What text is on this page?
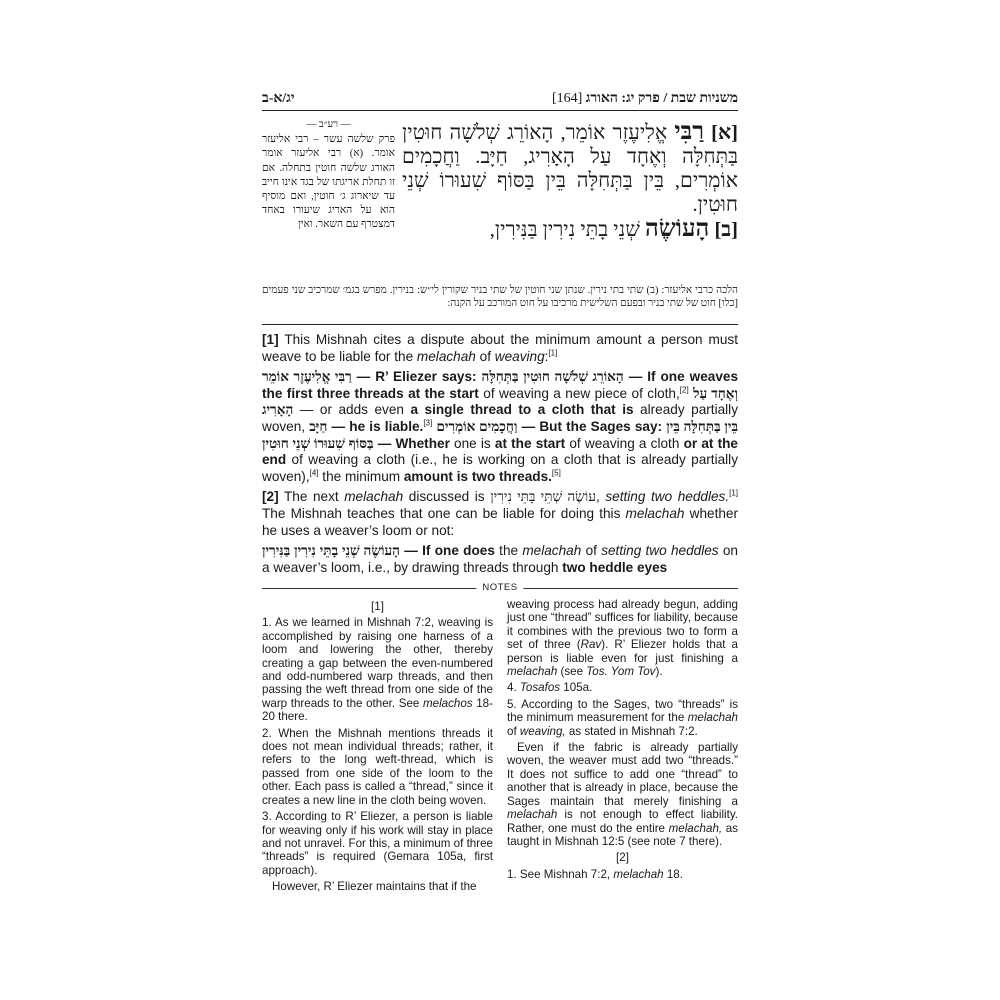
יג/א-ב	משניות שבת / פרק יג: האורג [164]
— רע״ב —
פרק שלשה עשר – רבי אליעזר אומר. (א) רבי אליעזר אומר האורג שלשה חוטין בתחלה. אם זו תחלת אריגתו של בגד אינו חייב עד שיארוג ג׳ חוטין, ואם מוסיף הוא על האריג שיעורו באחד דמצטרף עם השאר. ואין

[א] רַבִּי אֱלִיעֶזֶר אוֹמֵר, הָאוֹרֵג שְׁלֹשָׁה חוּטִין בַּתְּחִלָּה וְאֶחָד עַל הָאָרִיג, חַיָּב. וַחֲכָמִים אוֹמְרִים, בֵּין בַּתְּחִלָּה בֵּין בַּסּוֹף שִׁעוּרוֹ שְׁנֵי חוּטִין.

[ב] הָעוֹשֶׂה שְׁנֵי בָתֵּי נִירִין בַּנִּירִין,

הלכה כרבי אליעזר: (ב) שתי בתי נירין. שנתן שני חוטין של שתי בניר שקורין לי״ש: בנירין. מפרש בגמ׳ שמרכיב שני פעמים [כלו] חוט של שתי בניר ובפעם השלישית מרכיבו על חוט המורכב על הקנה:

[1] This Mishnah cites a dispute about the minimum amount a person must weave to be liable for the melachah of weaving:[1]

רַבִּי אֱלִיעֶזֶר אוֹמֵר — R’ Eliezer says: הָאוֹרֵג שְׁלֹשָׁה חוּטִין בַּתְּחִלָּה — If one weaves the first three threads at the start of weaving a new piece of cloth,[2] וְאֶחָד עַל הָאָרִיג — or adds even a single thread to a cloth that is already partially woven, חַיָּב — he is liable.[3] וַחֲכָמִים אוֹמְרִים — But the Sages say: בֵּין בַּתְּחִלָּה בֵּין בַּסּוֹף שִׁעוּרוֹ שְׁנֵי חוּטִין — Whether one is at the start of weaving a cloth or at the end of weaving a cloth (i.e., he is working on a cloth that is already partially woven),[4] the minimum amount is two threads.[5]

[2] The next melachah discussed is עוֹשֶׂה שְׁתֵּי בָּתֵּי נִירִין, setting two heddles.[1] The Mishnah teaches that one can be liable for doing this melachah whether he uses a weaver’s loom or not:

הָעוֹשֶׂה שְׁנֵי בָתֵּי נִירִין בַּנִּירִין — If one does the melachah of setting two heddles on a weaver’s loom, i.e., by drawing threads through two heddle eyes

NOTES
[1]

1. As we learned in Mishnah 7:2, weaving is accomplished by raising one harness of a loom and lowering the other, thereby creating a gap between the even-numbered and odd-numbered warp threads, and then passing the weft thread from one side of the warp threads to the other. See melachos 18-20 there.

2. When the Mishnah mentions threads it does not mean individual threads; rather, it refers to the long weft-thread, which is passed from one side of the loom to the other. Each pass is called a “thread,” since it creates a new line in the cloth being woven.

3. According to R’ Eliezer, a person is liable for weaving only if his work will stay in place and not unravel. For this, a minimum of three “threads” is required (Gemara 105a, first approach).

However, R’ Eliezer maintains that if the

weaving process had already begun, adding just one “thread” suffices for liability, because it combines with the previous two to form a set of three (Rav). R’ Eliezer holds that a person is liable even for just finishing a melachah (see Tos. Yom Tov).

4. Tosafos 105a.

5. According to the Sages, two “threads” is the minimum measurement for the melachah of weaving, as stated in Mishnah 7:2.

Even if the fabric is already partially woven, the weaver must add two “threads.” It does not suffice to add one “thread” to another that is already in place, because the Sages maintain that merely finishing a melachah is not enough to effect liability. Rather, one must do the entire melachah, as taught in Mishnah 12:5 (see note 7 there).

[2]

1. See Mishnah 7:2, melachah 18.
